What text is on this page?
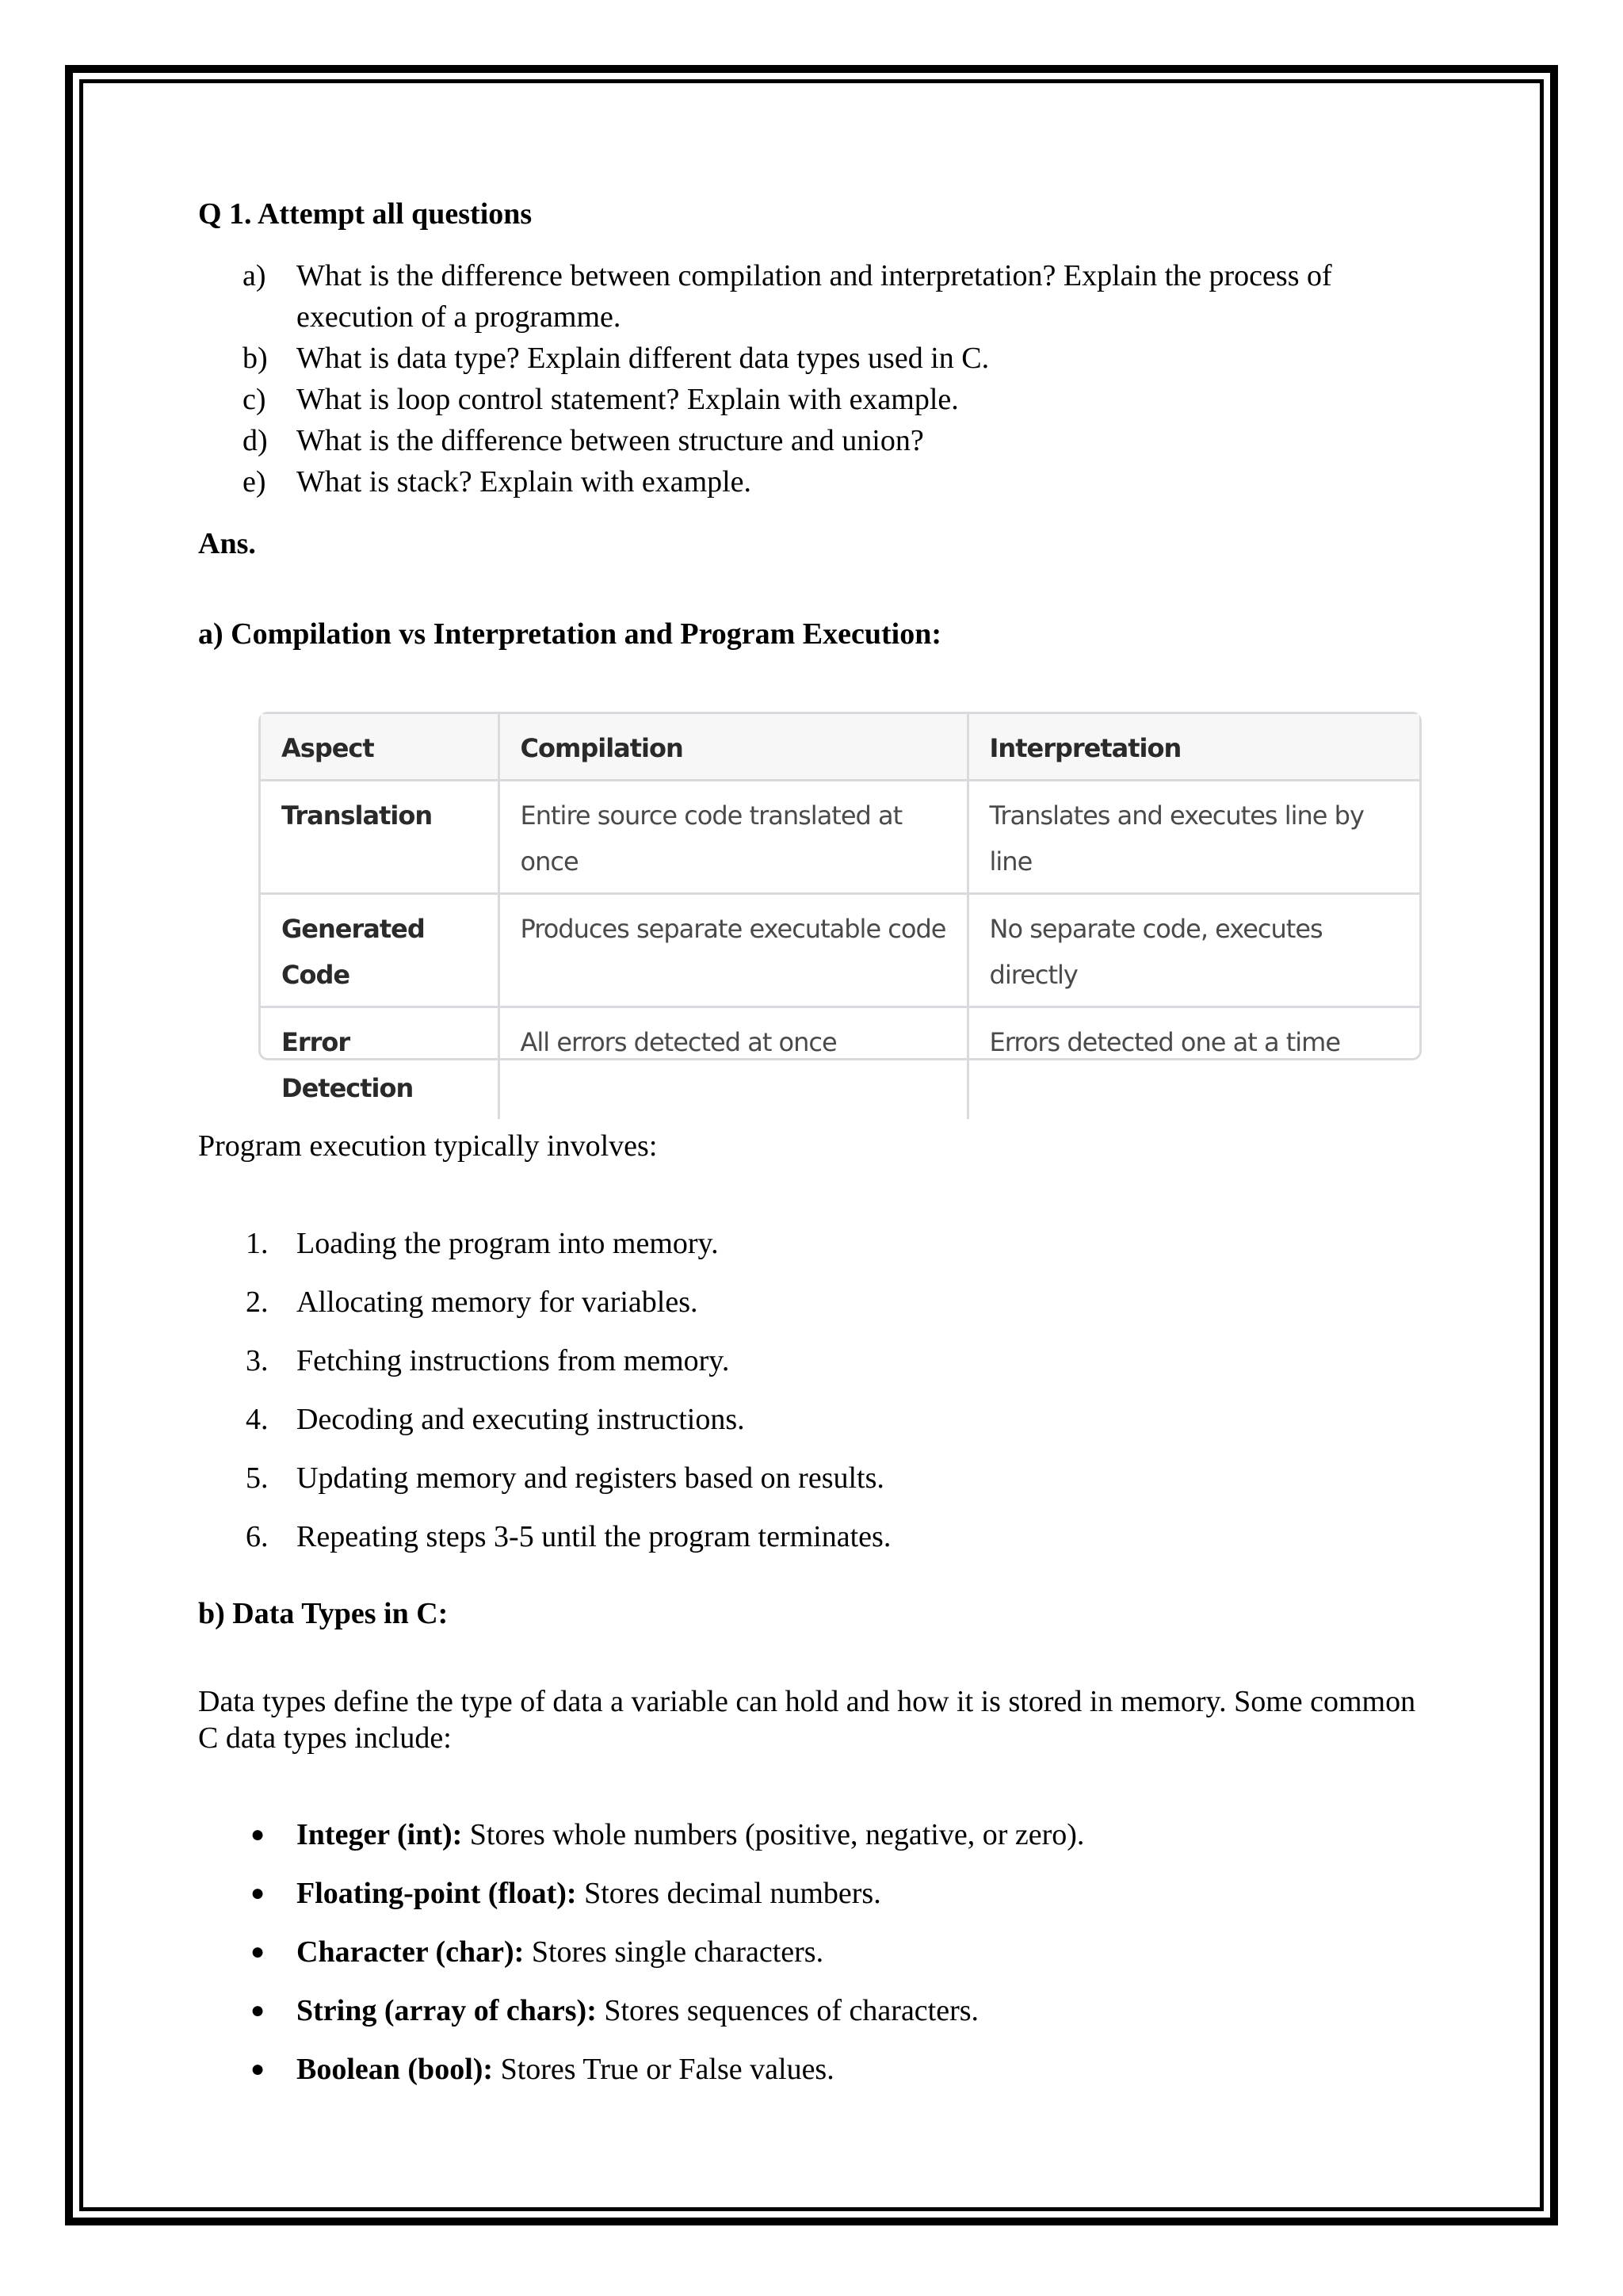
Q 1. Attempt all questions
a) What is the difference between compilation and interpretation? Explain the process of execution of a programme.
b) What is data type? Explain different data types used in C.
c) What is loop control statement? Explain with example.
d) What is the difference between structure and union?
e) What is stack? Explain with example.
Ans.
a) Compilation vs Interpretation and Program Execution:
Aspect	Compilation	Interpretation
Translation	Entire source code translated at once	Translates and executes line by line
Generated Code	Produces separate executable code	No separate code, executes directly
Error Detection	All errors detected at once	Errors detected one at a time
Program execution typically involves:
1. Loading the program into memory.
2. Allocating memory for variables.
3. Fetching instructions from memory.
4. Decoding and executing instructions.
5. Updating memory and registers based on results.
6. Repeating steps 3-5 until the program terminates.
b) Data Types in C:
Data types define the type of data a variable can hold and how it is stored in memory. Some common C data types include:
● Integer (int): Stores whole numbers (positive, negative, or zero).
● Floating-point (float): Stores decimal numbers.
● Character (char): Stores single characters.
● String (array of chars): Stores sequences of characters.
● Boolean (bool): Stores True or False values.
